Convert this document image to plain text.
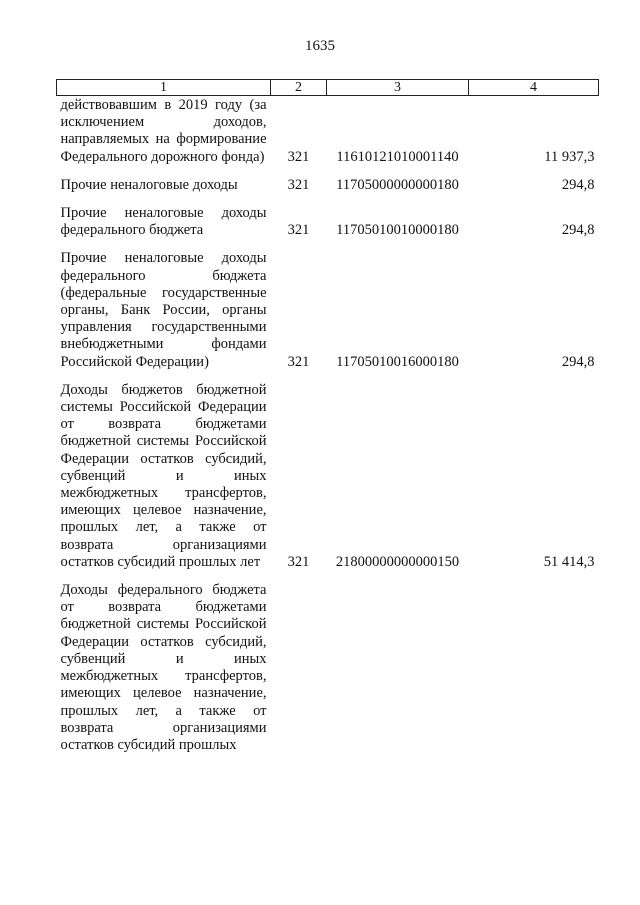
1635
1	2	3	4
действовавшим в 2019 году (за исключением доходов, направляемых на формирование Федерального дорожного фонда)	321	11610121010001140	11 937,3
Прочие неналоговые доходы	321	11705000000000180	294,8
Прочие неналоговые доходы федерального бюджета	321	11705010010000180	294,8
Прочие неналоговые доходы федерального бюджета (федеральные государственные органы, Банк России, органы управления государственными внебюджетными фондами Российской Федерации)	321	11705010016000180	294,8
Доходы бюджетов бюджетной системы Российской Федерации от возврата бюджетами бюджетной системы Российской Федерации остатков субсидий, субвенций и иных межбюджетных трансфертов, имеющих целевое назначение, прошлых лет, а также от возврата организациями остатков субсидий прошлых лет	321	21800000000000150	51 414,3
Доходы федерального бюджета от возврата бюджетами бюджетной системы Российской Федерации остатков субсидий, субвенций и иных межбюджетных трансфертов, имеющих целевое назначение, прошлых лет, а также от возврата организациями остатков субсидий прошлых			
